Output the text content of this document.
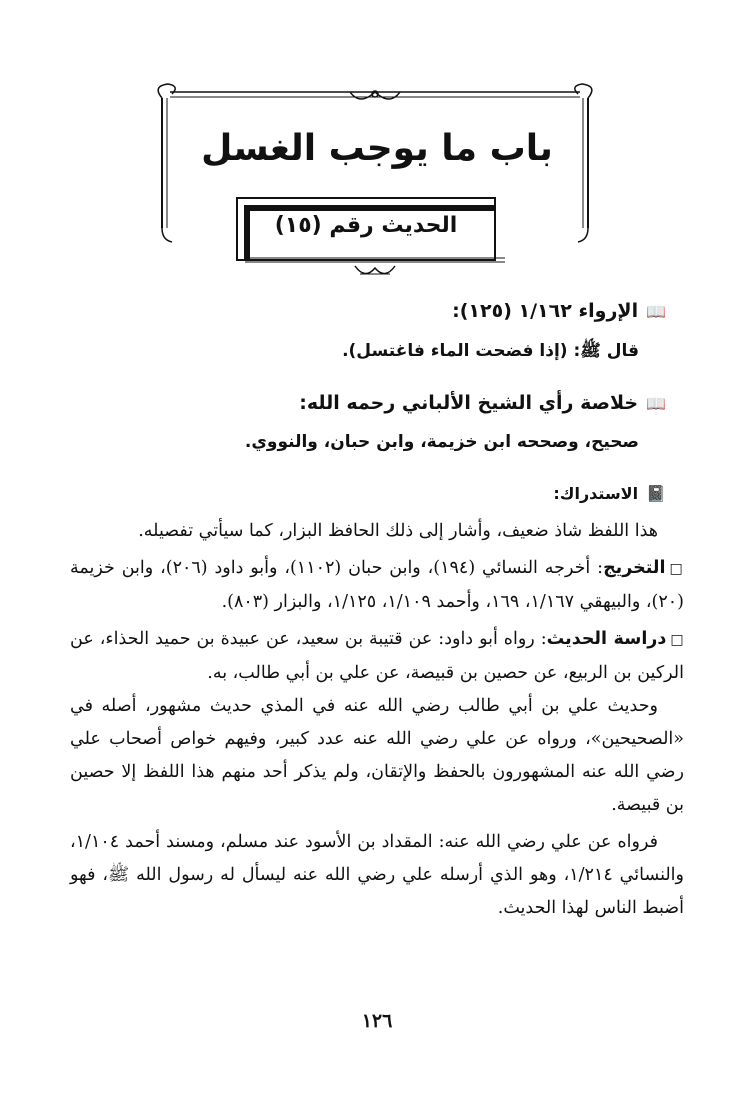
باب ما يوجب الغسل
الحديث رقم (١٥)
📖الإرواء ١/١٦٢ (١٢٥):
قال ﷺ: (إذا فضحت الماء فاغتسل).
📖خلاصة رأي الشيخ الألباني رحمه الله:
صحيح، وصححه ابن خزيمة، وابن حبان، والنووي.
📓الاستدراك:

هذا اللفظ شاذ ضعيف، وأشار إلى ذلك الحافظ البزار، كما سيأتي تفصيله.

□التخريج: أخرجه النسائي (١٩٤)، وابن حبان (١١٠٢)، وأبو داود (٢٠٦)، وابن خزيمة (٢٠)، والبيهقي ١/١٦٧، ١٦٩، وأحمد ١/١٠٩، ١/١٢٥، والبزار (٨٠٣).

□دراسة الحديث: رواه أبو داود: عن قتيبة بن سعيد، عن عبيدة بن حميد الحذاء، عن الركين بن الربيع، عن حصين بن قبيصة، عن علي بن أبي طالب، به.

وحديث علي بن أبي طالب رضي الله عنه في المذي حديث مشهور، أصله في «الصحيحين»، ورواه عن علي رضي الله عنه عدد كبير، وفيهم خواص أصحاب علي رضي الله عنه المشهورون بالحفظ والإتقان، ولم يذكر أحد منهم هذا اللفظ إلا حصين بن قبيصة.

فرواه عن علي رضي الله عنه: المقداد بن الأسود عند مسلم، ومسند أحمد ١/١٠٤، والنسائي ١/٢١٤، وهو الذي أرسله علي رضي الله عنه ليسأل له رسول الله ﷺ، فهو أضبط الناس لهذا الحديث.

١٢٦
